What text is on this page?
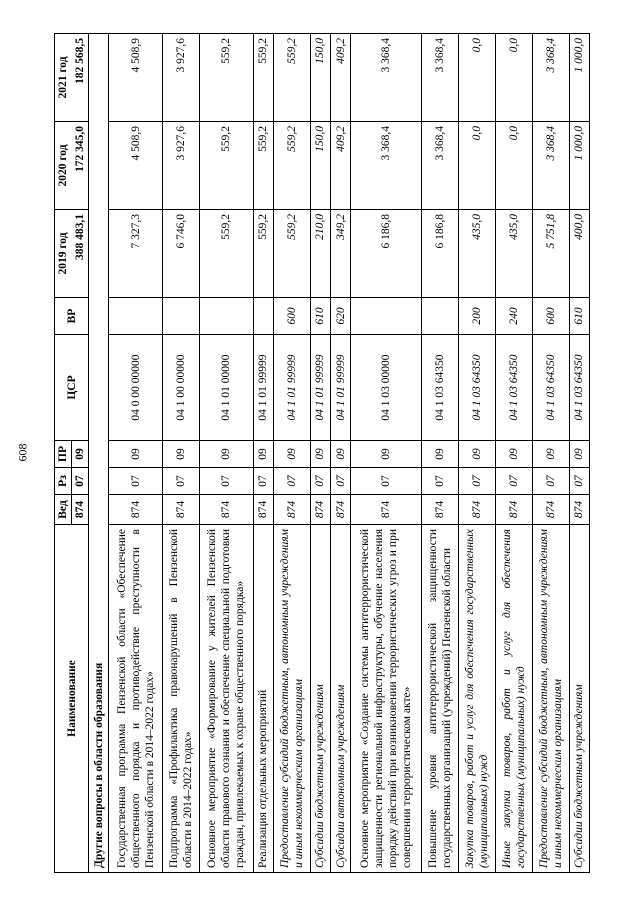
608
Наименование	Вед	Рз	ПР	ЦСР	ВР	2019 год	2020 год	2021 год
	874	07	09			388 483,1	172 345,0	182 568,5
Другие вопросы в области образования								
Государственная программа Пензенской области «Обеспечение общественного порядка и противодействие преступности в Пензенской области в 2014–2022 годах»	874	07	09	04 0 00 00000		7 327,3	4 508,9	4 508,9
Подпрограмма «Профилактика правонарушений в Пензенской области в 2014–2022 годах»	874	07	09	04 1 00 00000		6 746,0	3 927,6	3 927,6
Основное мероприятие «Формирование у жителей Пензенской области правового сознания и обеспечение специальной подготовки граждан, привлекаемых к охране общественного порядка»	874	07	09	04 1 01 00000		559,2	559,2	559,2
Реализация отдельных мероприятий	874	07	09	04 1 01 99999		559,2	559,2	559,2
Предоставление субсидий бюджетным, автономным учреждениям и иным некоммерческим организациям	874	07	09	04 1 01 99999	600	559,2	559,2	559,2
Субсидии бюджетным учреждениям	874	07	09	04 1 01 99999	610	210,0	150,0	150,0
Субсидии автономным учреждениям	874	07	09	04 1 01 99999	620	349,2	409,2	409,2
Основное мероприятие «Создание системы антитеррористической защищенности региональной инфраструктуры, обучение населения порядку действий при возникновении террористических угроз и при совершении террористическом акте»	874	07	09	04 1 03 00000		6 186,8	3 368,4	3 368,4
Повышение уровня антитеррористической защищенности государственных организаций (учреждений) Пензенской области	874	07	09	04 1 03 64350		6 186,8	3 368,4	3 368,4
Закупка товаров, работ и услуг для обеспечения государственных (муниципальных) нужд	874	07	09	04 1 03 64350	200	435,0	0,0	0,0
Иные закупки товаров, работ и услуг для обеспечения государственных (муниципальных) нужд	874	07	09	04 1 03 64350	240	435,0	0,0	0,0
Предоставление субсидий бюджетным, автономным учреждениям и иным некоммерческим организациям	874	07	09	04 1 03 64350	600	5 751,8	3 368,4	3 368,4
Субсидии бюджетным учреждениям	874	07	09	04 1 03 64350	610	400,0	1 000,0	1 000,0
